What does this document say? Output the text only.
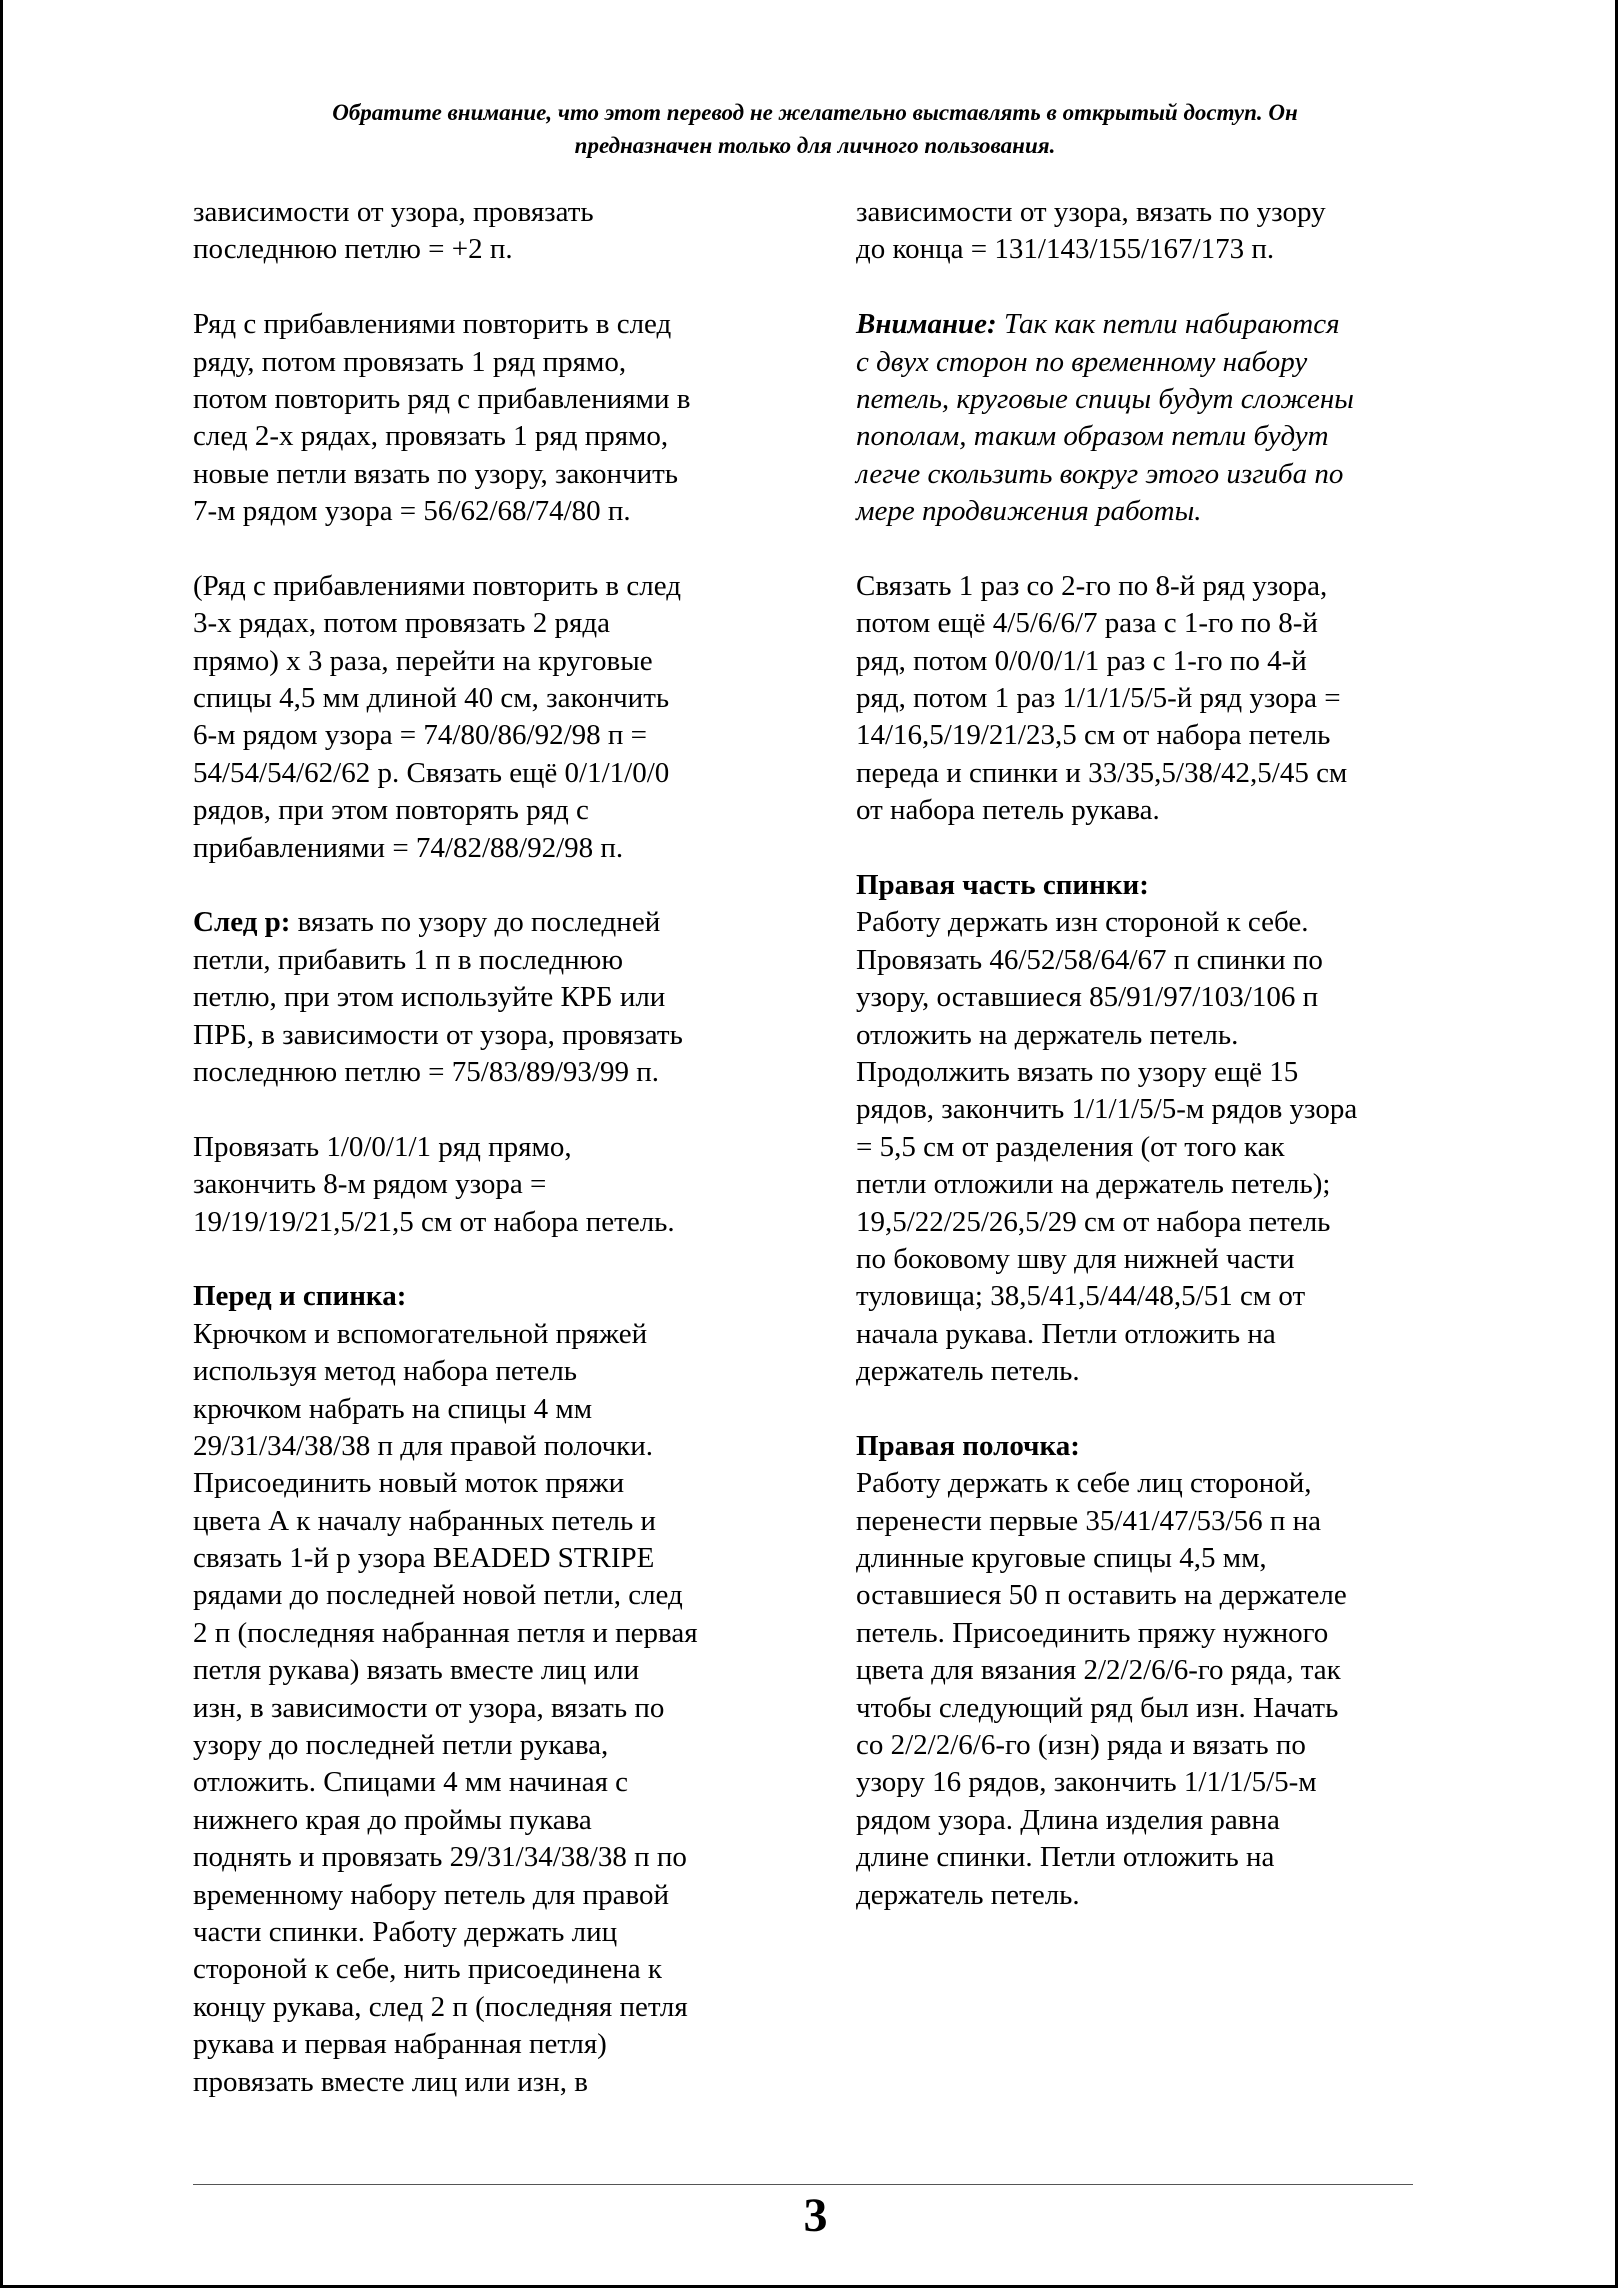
Обратите внимание, что этот перевод не желательно выставлять в открытый доступ. Он
предназначен только для личного пользования.
зависимости от узора, провязать
последнюю петлю = +2 п.
Ряд с прибавлениями повторить в след
ряду, потом провязать 1 ряд прямо,
потом повторить ряд с прибавлениями в
след 2-х рядах, провязать 1 ряд прямо,
новые петли вязать по узору, закончить
7-м рядом узора = 56/62/68/74/80 п.
(Ряд с прибавлениями повторить в след
3-х рядах, потом провязать 2 ряда
прямо) х 3 раза, перейти на круговые
спицы 4,5 мм длиной 40 см, закончить
6-м рядом узора = 74/80/86/92/98 п =
54/54/54/62/62 р. Связать ещё 0/1/1/0/0
рядов, при этом повторять ряд с
прибавлениями = 74/82/88/92/98 п.
След р: вязать по узору до последней
петли, прибавить 1 п в последнюю
петлю, при этом используйте КРБ или
ПРБ, в зависимости от узора, провязать
последнюю петлю = 75/83/89/93/99 п.
Провязать 1/0/0/1/1 ряд прямо,
закончить 8-м рядом узора =
19/19/19/21,5/21,5 см от набора петель.
Перед и спинка:
Крючком и вспомогательной пряжей
используя метод набора петель
крючком набрать на спицы 4 мм
29/31/34/38/38 п для правой полочки.
Присоединить новый моток пряжи
цвета А к началу набранных петель и
связать 1-й р узора BEADED STRIPE
рядами до последней новой петли, след
2 п (последняя набранная петля и первая
петля рукава) вязать вместе лиц или
изн, в зависимости от узора, вязать по
узору до последней петли рукава,
отложить. Спицами 4 мм начиная с
нижнего края до проймы пукава
поднять и провязать 29/31/34/38/38 п по
временному набору петель для правой
части спинки. Работу держать лиц
стороной к себе, нить присоединена к
концу рукава, след 2 п (последняя петля
рукава и первая набранная петля)
провязать вместе лиц или изн, в
зависимости от узора, вязать по узору
до конца = 131/143/155/167/173 п.
Внимание: Так как петли набираются
с двух сторон по временному набору
петель, круговые спицы будут сложены
пополам, таким образом петли будут
легче скользить вокруг этого изгиба по
мере продвижения работы.
Связать 1 раз со 2-го по 8-й ряд узора,
потом ещё 4/5/6/6/7 раза с 1-го по 8-й
ряд, потом 0/0/0/1/1 раз с 1-го по 4-й
ряд, потом 1 раз 1/1/1/5/5-й ряд узора =
14/16,5/19/21/23,5 см от набора петель
переда и спинки и 33/35,5/38/42,5/45 см
от набора петель рукава.
Правая часть спинки:
Работу держать изн стороной к себе.
Провязать 46/52/58/64/67 п спинки по
узору, оставшиеся 85/91/97/103/106 п
отложить на держатель петель.
Продолжить вязать по узору ещё 15
рядов, закончить 1/1/1/5/5-м рядов узора
= 5,5 см от разделения (от того как
петли отложили на держатель петель);
19,5/22/25/26,5/29 см от набора петель
по боковому шву для нижней части
туловища; 38,5/41,5/44/48,5/51 см от
начала рукава. Петли отложить на
держатель петель.
Правая полочка:
Работу держать к себе лиц стороной,
перенести первые 35/41/47/53/56 п на
длинные круговые спицы 4,5 мм,
оставшиеся 50 п оставить на держателе
петель. Присоединить пряжу нужного
цвета для вязания 2/2/2/6/6-го ряда, так
чтобы следующий ряд был изн. Начать
со 2/2/2/6/6-го (изн) ряда и вязать по
узору 16 рядов, закончить 1/1/1/5/5-м
рядом узора. Длина изделия равна
длине спинки. Петли отложить на
держатель петель.
3
